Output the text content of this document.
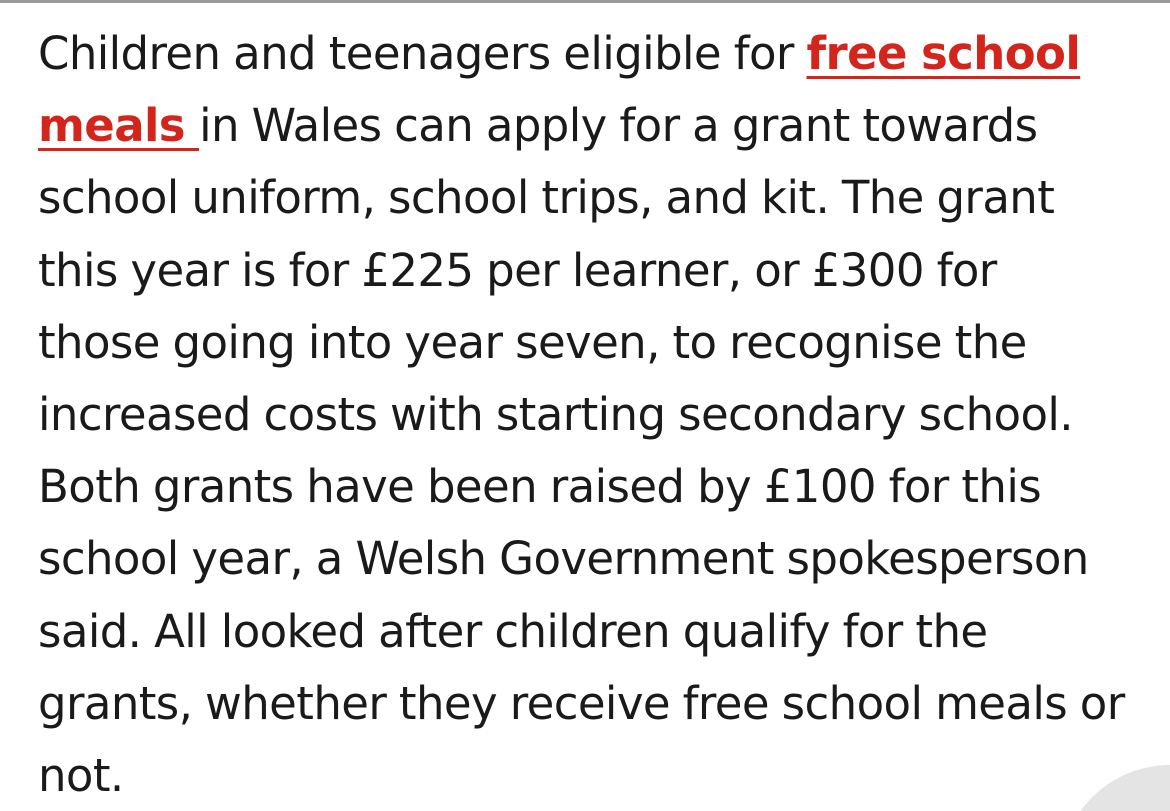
Children and teenagers eligible for free school meals in Wales can apply for a grant towards school uniform, school trips, and kit. The grant this year is for £225 per learner, or £300 for those going into year seven, to recognise the increased costs with starting secondary school. Both grants have been raised by £100 for this school year, a Welsh Government spokesperson said. All looked after children qualify for the grants, whether they receive free school meals or not.
